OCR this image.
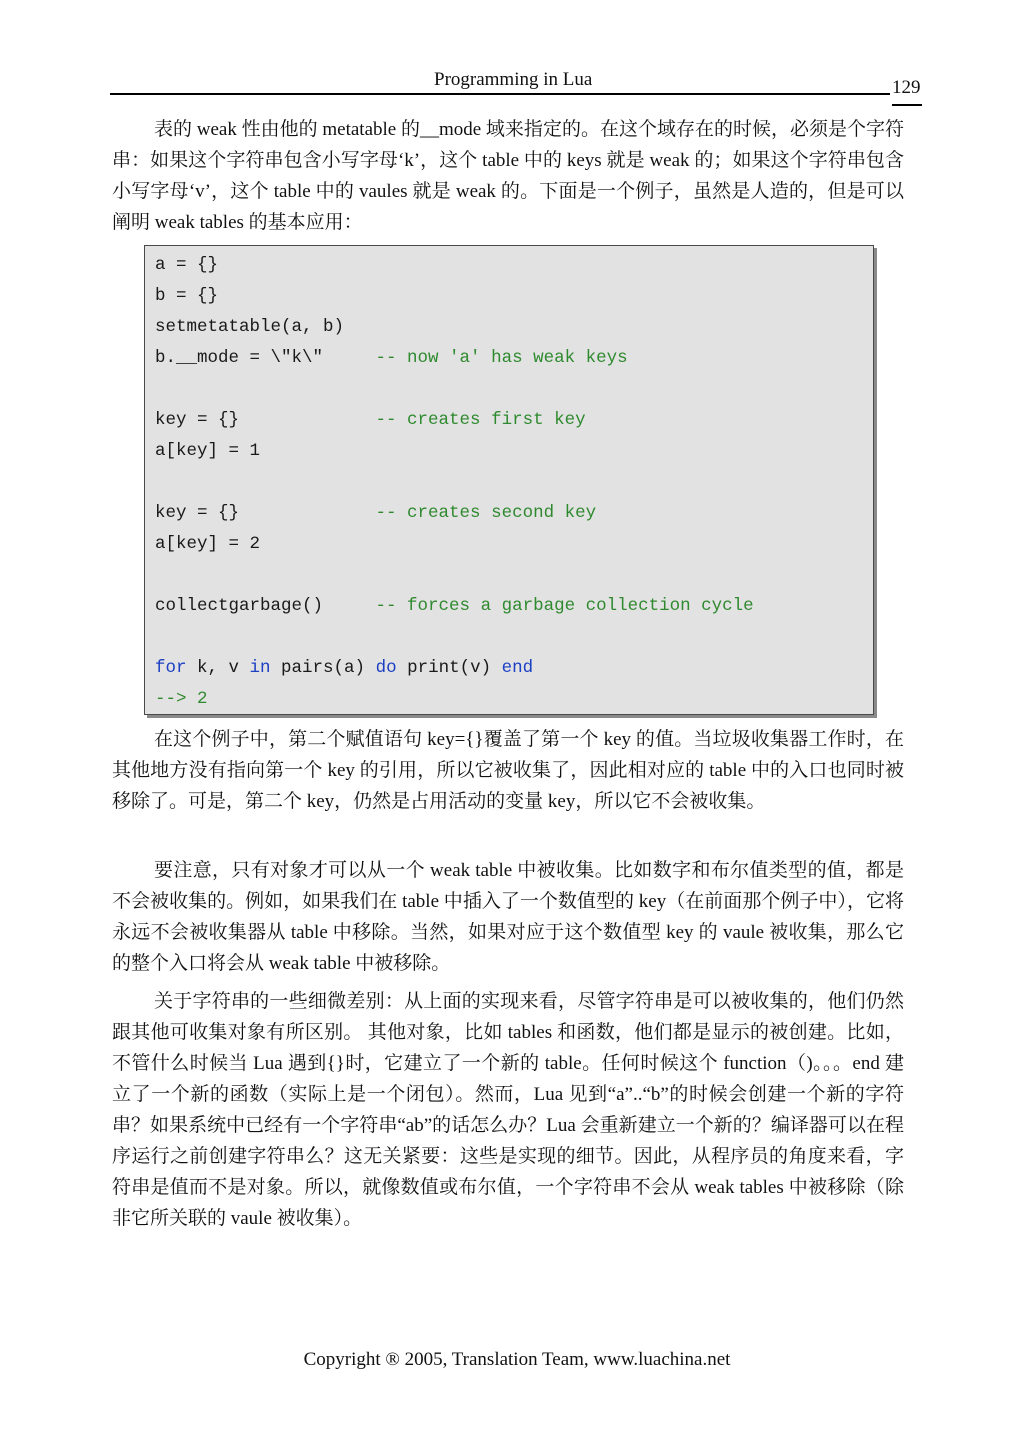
Programming in Lua	129

表的 weak 性由他的 metatable 的__mode 域来指定的。在这个域存在的时候，必须是个字符串：如果这个字符串包含小写字母‘k’，这个 table 中的 keys 就是 weak 的；如果这个字符串包含小写字母‘v’，这个 table 中的 vaules 就是 weak 的。下面是一个例子，虽然是人造的，但是可以阐明 weak tables 的基本应用：

a = {}
b = {}
setmetatable(a, b)
b.__mode = \"k\"     -- now 'a' has weak keys
key = {}             -- creates first key
a[key] = 1
key = {}             -- creates second key
a[key] = 2
collectgarbage()     -- forces a garbage collection cycle
for k, v in pairs(a) do print(v) end
--> 2

在这个例子中，第二个赋值语句 key={}覆盖了第一个 key 的值。当垃圾收集器工作时，在其他地方没有指向第一个 key 的引用，所以它被收集了，因此相对应的 table 中的入口也同时被移除了。可是，第二个 key，仍然是占用活动的变量 key，所以它不会被收集。

要注意，只有对象才可以从一个 weak table 中被收集。比如数字和布尔值类型的值，都是不会被收集的。例如，如果我们在 table 中插入了一个数值型的 key（在前面那个例子中），它将永远不会被收集器从 table 中移除。当然，如果对应于这个数值型 key 的 vaule 被收集，那么它的整个入口将会从 weak table 中被移除。

关于字符串的一些细微差别：从上面的实现来看，尽管字符串是可以被收集的，他们仍然跟其他可收集对象有所区别。 其他对象，比如 tables 和函数，他们都是显示的被创建。比如，不管什么时候当 Lua 遇到{}时，它建立了一个新的 table。任何时候这个 function（)。。。end 建立了一个新的函数（实际上是一个闭包）。然而，Lua 见到“a”..“b”的时候会创建一个新的字符串？如果系统中已经有一个字符串“ab”的话怎么办？Lua 会重新建立一个新的？编译器可以在程序运行之前创建字符串么？这无关紧要：这些是实现的细节。因此，从程序员的角度来看，字符串是值而不是对象。所以，就像数值或布尔值，一个字符串不会从 weak tables 中被移除（除非它所关联的 vaule 被收集）。

Copyright ® 2005, Translation Team, www.luachina.net
